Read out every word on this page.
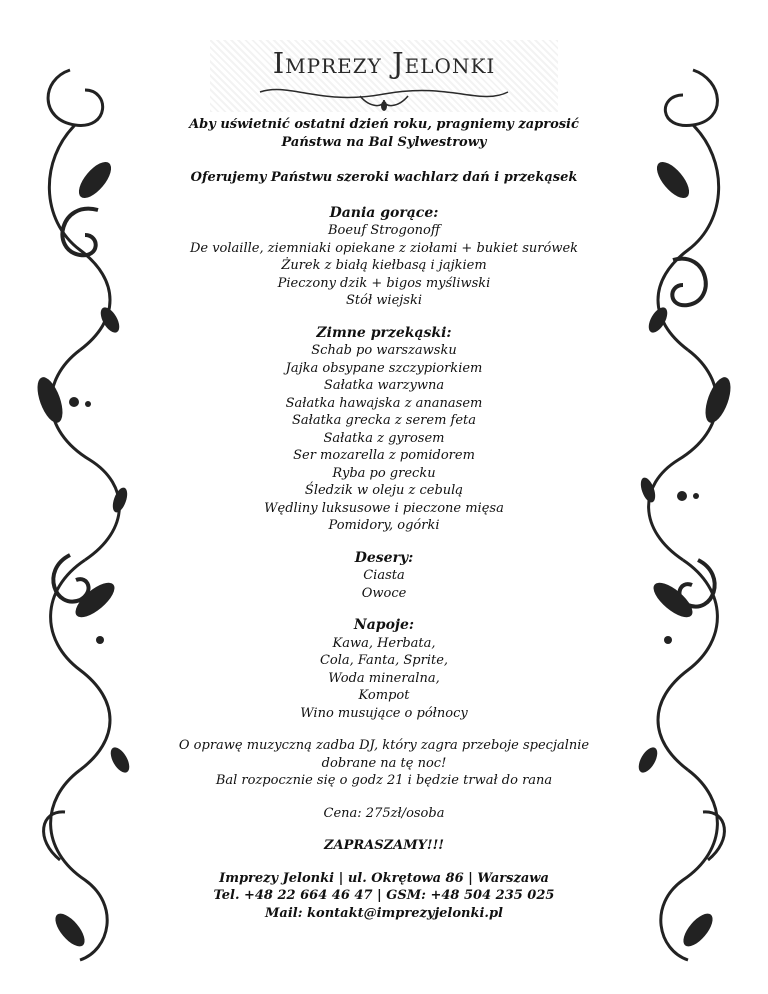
Imprezy Jelonki

Aby uświetnić ostatni dzień roku, pragniemy zaprosić

Państwa na Bal Sylwestrowy

Oferujemy Państwu szeroki wachlarz dań i przekąsek

Dania gorące:

Boeuf Strogonoff

De volaille, ziemniaki opiekane z ziołami + bukiet surówek

Żurek z białą kiełbasą i jajkiem

Pieczony dzik + bigos myśliwski

Stół wiejski

Zimne przekąski:

Schab po warszawsku

Jajka obsypane szczypiorkiem

Sałatka warzywna

Sałatka hawajska z ananasem

Sałatka grecka z serem feta

Sałatka z gyrosem

Ser mozarella z pomidorem

Ryba po grecku

Śledzik w oleju z cebulą

Wędliny luksusowe i pieczone mięsa

Pomidory, ogórki

Desery:

Ciasta

Owoce

Napoje:

Kawa, Herbata,

Cola, Fanta, Sprite,

Woda mineralna,

Kompot

Wino musujące o północy

O oprawę muzyczną zadba DJ, który zagra przeboje specjalnie

dobrane na tę noc!

Bal rozpocznie się o godz 21 i będzie trwał do rana

Cena: 275zł/osoba

ZAPRASZAMY!!!

Imprezy Jelonki | ul. Okrętowa 86 | Warszawa

Tel. +48 22 664 46 47 | GSM: +48 504 235 025

Mail: kontakt@imprezyjelonki.pl
